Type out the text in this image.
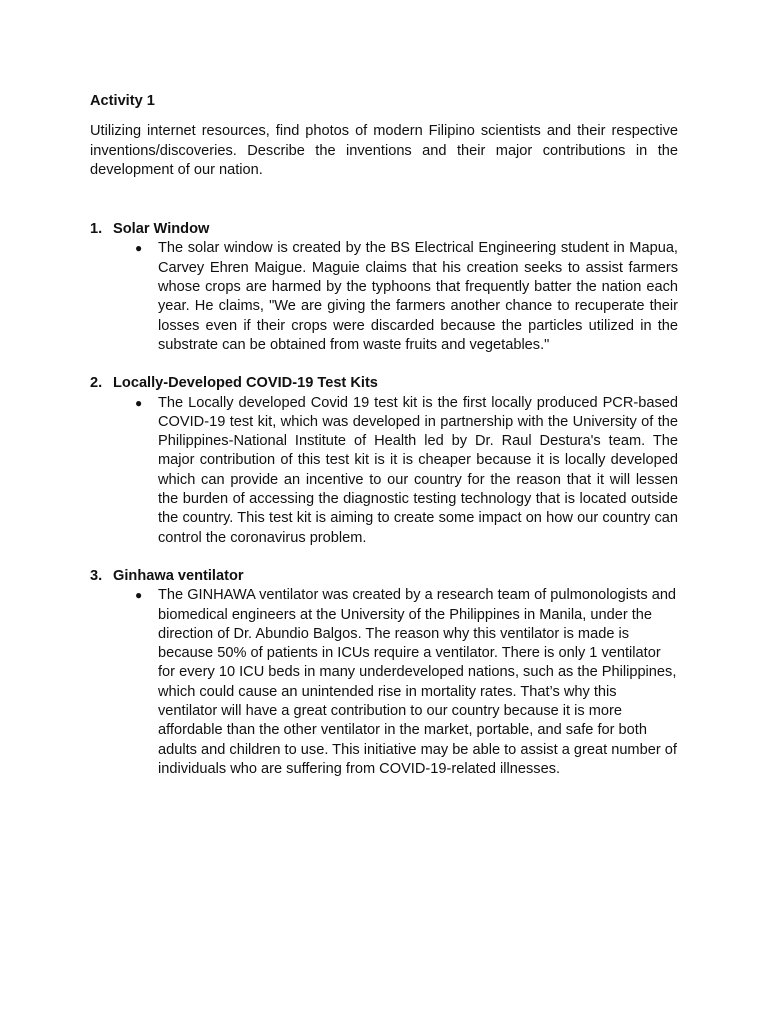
Activity 1

Utilizing internet resources, find photos of modern Filipino scientists and their respective inventions/discoveries. Describe the inventions and their major contributions in the development of our nation.

1. Solar Window
● The solar window is created by the BS Electrical Engineering student in Mapua, Carvey Ehren Maigue. Maguie claims that his creation seeks to assist farmers whose crops are harmed by the typhoons that frequently batter the nation each year. He claims, "We are giving the farmers another chance to recuperate their losses even if their crops were discarded because the particles utilized in the substrate can be obtained from waste fruits and vegetables."

2. Locally-Developed COVID-19 Test Kits
● The Locally developed Covid 19 test kit is the first locally produced PCR-based COVID-19 test kit, which was developed in partnership with the University of the Philippines-National Institute of Health led by Dr. Raul Destura's team. The major contribution of this test kit is it is cheaper because it is locally developed which can provide an incentive to our country for the reason that it will lessen the burden of accessing the diagnostic testing technology that is located outside the country. This test kit is aiming to create some impact on how our country can control the coronavirus problem.

3. Ginhawa ventilator
● The GINHAWA ventilator was created by a research team of pulmonologists and biomedical engineers at the University of the Philippines in Manila, under the direction of Dr. Abundio Balgos. The reason why this ventilator is made is because 50% of patients in ICUs require a ventilator. There is only 1 ventilator for every 10 ICU beds in many underdeveloped nations, such as the Philippines, which could cause an unintended rise in mortality rates. That’s why this ventilator will have a great contribution to our country because it is more affordable than the other ventilator in the market, portable, and safe for both adults and children to use. This initiative may be able to assist a great number of individuals who are suffering from COVID-19-related illnesses.
